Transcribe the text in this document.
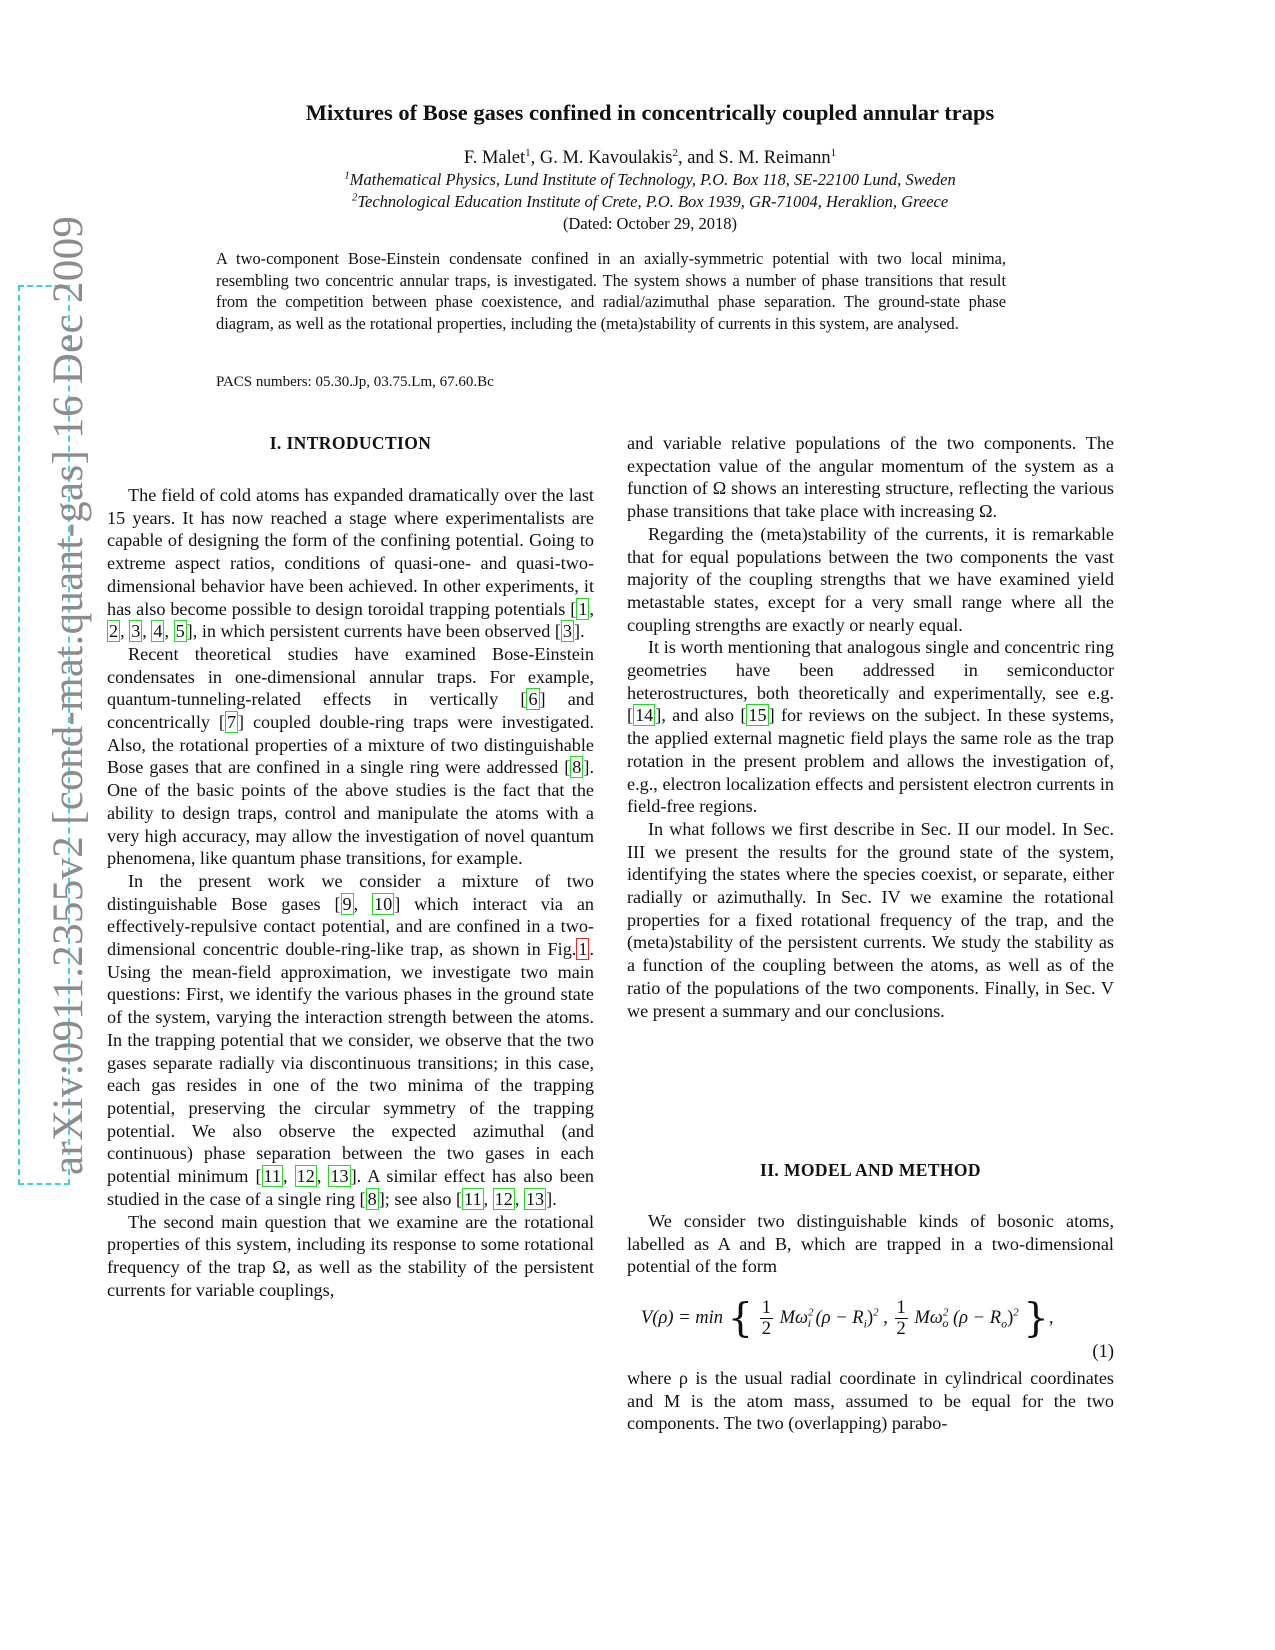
arXiv:0911.2355v2 [cond-mat.quant-gas] 16 Dec 2009
Mixtures of Bose gases confined in concentrically coupled annular traps
F. Malet$^1$, G. M. Kavoulakis$^2$, and S. M. Reimann$^1$
$^1$Mathematical Physics, Lund Institute of Technology, P.O. Box 118, SE-22100 Lund, Sweden
$^2$Technological Education Institute of Crete, P.O. Box 1939, GR-71004, Heraklion, Greece
(Dated: October 29, 2018)
A two-component Bose-Einstein condensate confined in an axially-symmetric potential with two local minima, resembling two concentric annular traps, is investigated. The system shows a number of phase transitions that result from the competition between phase coexistence, and radial/azimuthal phase separation. The ground-state phase diagram, as well as the rotational properties, including the (meta)stability of currents in this system, are analysed.
PACS numbers: 05.30.Jp, 03.75.Lm, 67.60.Bc
I. INTRODUCTION
II. MODEL AND METHOD

The field of cold atoms has expanded dramatically over the last 15 years. It has now reached a stage where experimentalists are capable of designing the form of the confining potential. Going to extreme aspect ratios, conditions of quasi-one- and quasi-two-dimensional behavior have been achieved. In other experiments, it has also become possible to design toroidal trapping potentials [ 1 , 2 , 3 , 4 , 5 ], in which persistent currents have been observed [ 3 ].

Recent theoretical studies have examined Bose-Einstein condensates in one-dimensional annular traps. For example, quantum-tunneling-related effects in vertically [ 6 ] and concentrically [ 7 ] coupled double-ring traps were investigated. Also, the rotational properties of a mixture of two distinguishable Bose gases that are confined in a single ring were addressed [ 8 ]. One of the basic points of the above studies is the fact that the ability to design traps, control and manipulate the atoms with a very high accuracy, may allow the investigation of novel quantum phenomena, like quantum phase transitions, for example.

In the present work we consider a mixture of two distinguishable Bose gases [ 9 , 10 ] which interact via an effectively-repulsive contact potential, and are confined in a two-dimensional concentric double-ring-like trap, as shown in Fig. 1 . Using the mean-field approximation, we investigate two main questions: First, we identify the various phases in the ground state of the system, varying the interaction strength between the atoms. In the trapping potential that we consider, we observe that the two gases separate radially via discontinuous transitions; in this case, each gas resides in one of the two minima of the trapping potential, preserving the circular symmetry of the trapping potential. We also observe the expected azimuthal (and continuous) phase separation between the two gases in each potential minimum [ 11 , 12 , 13 ]. A similar effect has also been studied in the case of a single ring [ 8 ]; see also [ 11 , 12 , 13 ].

The second main question that we examine are the rotational properties of this system, including its response to some rotational frequency of the trap Ω, as well as the stability of the persistent currents for variable couplings,

and variable relative populations of the two components. The expectation value of the angular momentum of the system as a function of Ω shows an interesting structure, reflecting the various phase transitions that take place with increasing Ω.

Regarding the (meta)stability of the currents, it is remarkable that for equal populations between the two components the vast majority of the coupling strengths that we have examined yield metastable states, except for a very small range where all the coupling strengths are exactly or nearly equal.

It is worth mentioning that analogous single and concentric ring geometries have been addressed in semiconductor heterostructures, both theoretically and experimentally, see e.g. [ 14 ], and also [ 15 ] for reviews on the subject. In these systems, the applied external magnetic field plays the same role as the trap rotation in the present problem and allows the investigation of, e.g., electron localization effects and persistent electron currents in field-free regions.

In what follows we first describe in Sec. II our model. In Sec. III we present the results for the ground state of the system, identifying the states where the species coexist, or separate, either radially or azimuthally. In Sec. IV we examine the rotational properties for a fixed rotational frequency of the trap, and the (meta)stability of the persistent currents. We study the stability as a function of the coupling between the atoms, as well as of the ratio of the populations of the two components. Finally, in Sec. V we present a summary and our conclusions.

We consider two distinguishable kinds of bosonic atoms, labelled as A and B, which are trapped in a two-dimensional potential of the form

V(ρ) = min { $\frac{1}{2} M\omega^2_i$ $(\rho - R_i)^2$ , $\frac{1}{2} M\omega^2_o$ $(\rho - R_o)^2$ },
(1)

where ρ is the usual radial coordinate in cylindrical coordinates and M is the atom mass, assumed to be equal for the two components. The two (overlapping) parabo-
